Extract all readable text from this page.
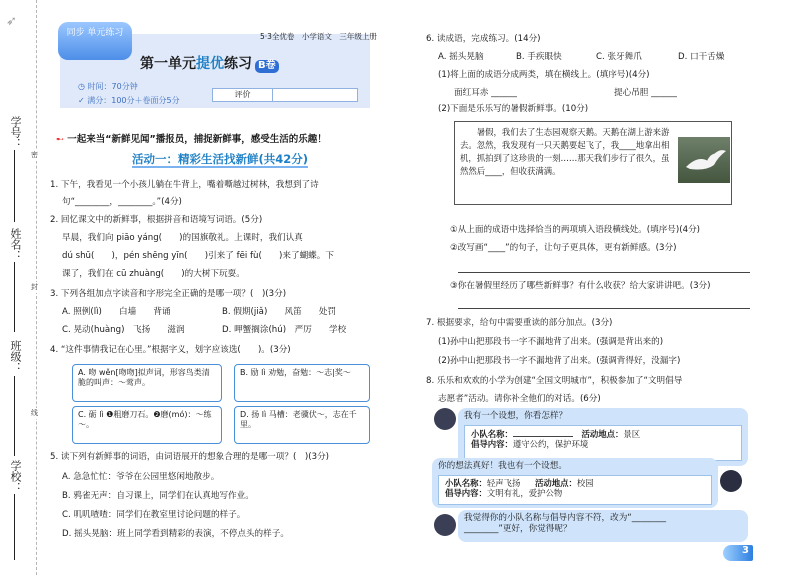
➶
学号：
姓名：
班级：
学校：
密
封
线
同步 单元练习	5·3全优卷　小学语文　三年级上册
第一单元提优练习 B卷
◷ 时间：70分钟
✓ 满分：100分＋卷面分5分
评价
➸ 一起来当“新鲜见闻”播报员，捕捉新鲜事，感受生活的乐趣！
活动一：精彩生活找新鲜(共42分)
1. 下午，我看见一个小孩儿躺在牛背上，嘴着嘶越过树林，我想到了诗
句“________，________。”(4分)
2. 回忆课文中的新鲜事，根据拼音和语境写词语。(5分)
早晨，我们向 piāo yáng(　　)的国旗敬礼。上课时，我们认真
dú shū(　　)，pén shēng yīn(　　)引来了 fēi fù(　　)来了蝴蝶。下
课了，我们在 cū zhuàng(　　)的大树下玩耍。
3. 下列各组加点字读音和字形完全正确的是哪一项？(　)(3分)
A. 照例(lì)　　白墙　　背诵	B. 假期(jiǎ)　　风笛　　处罚
C. 晃动(huàng)　飞扬　　滋润	D. 呷蟹搁涂(hú)　严厉　　学校
4. “这件事情我记在心里。”根据字义，划字应该选(　　)。(3分)
A. 吻 wěn[吻吻]拟声词，形容鸟类清脆的叫声：～莺声。
B. 励 lì 劝勉，奋勉：～志|奖～
C. 砺 lì ❶粗磨刀石。❷磨(mó)：～练～。
D. 扬 lì 马槽：老骥伏～，志在千里。
5. 读下列有新鲜事的词语，由词语展开的想象合理的是哪一项？(　)(3分)
A. 急急忙忙：爷爷在公园里悠闲地散步。
B. 鸦雀无声：自习课上，同学们在认真地写作业。
C. 叽叽喳喳：同学们在教室里讨论问题的样子。
D. 摇头晃脑：班上同学看到精彩的表演，不停点头的样子。
6. 读成语，完成练习。(14分)
A. 摇头晃脑	B. 手疾眼快	C. 张牙舞爪	D. 口干舌燥
(1)将上面的成语分成两类，填在横线上。(填序号)(4分)
面红耳赤 ______	提心吊胆 ______
(2)下面是乐乐写的暑假新鲜事。(10分)
暑假，我们去了生态园观察天鹅。天鹅在湖上游来游去。忽然，我发现有一只天鹅要起飞了，我____地拿出相机，抓拍到了这珍贵的一刻……那天我们步行了很久，虽然然后____，但收获满满。
①从上面的成语中选择恰当的两项填入语段横线处。(填序号)(4分)
②改写画“____”的句子，让句子更具体，更有新鲜感。(3分)
③你在暑假里经历了哪些新鲜事？有什么收获？给大家讲讲吧。(3分)
7. 根据要求，给句中需要重读的部分加点。(3分)
(1)孙中山把那段书一字不漏地背了出来。(强调是背出来的)
(2)孙中山把那段书一字不漏地背了出来。(强调背得好，没漏字)
8. 乐乐和欢欢的小学为创建“全国文明城市”，积极参加了“文明倡导
志愿者”活动。请你补全他们的对话。(6分)
我有一个设想，你看怎样？
小队名称：	活动地点：景区
倡导内容：遵守公约，保护环境
你的想法真好！我也有一个设想。
小队名称：轻声飞扬 活动地点：校园
倡导内容：文明有礼，爱护公物
我觉得你的小队名称与倡导内容不符，改为“________
________”更好，你觉得呢？
3
